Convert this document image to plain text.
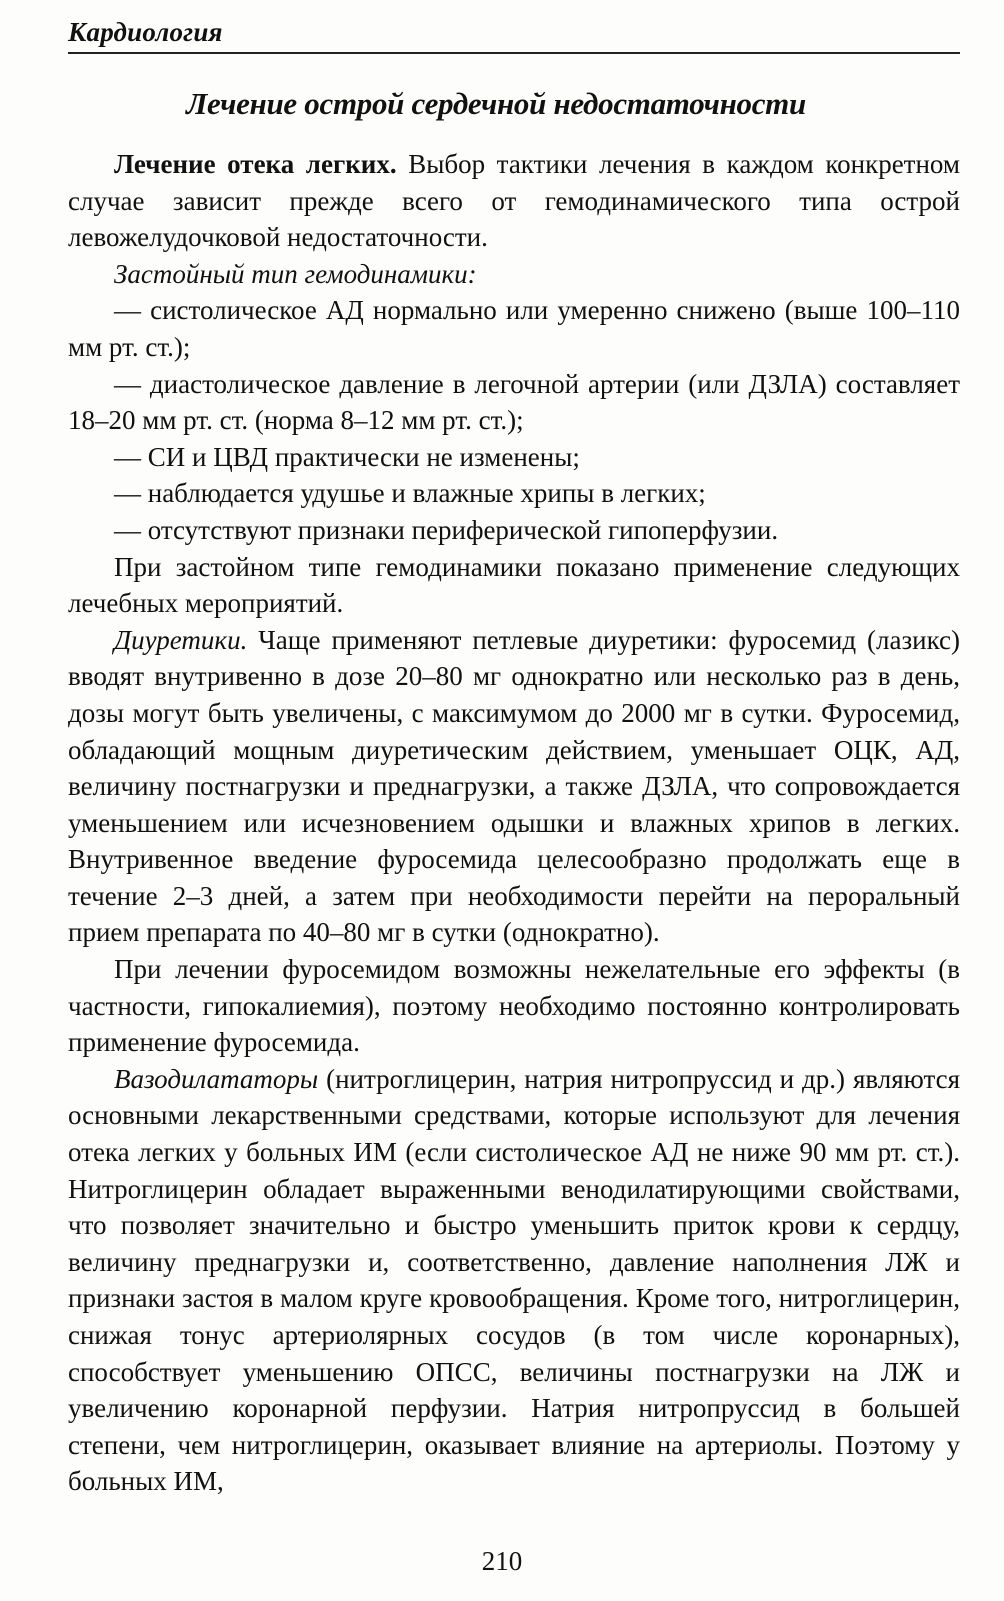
Кардиология
Лечение острой сердечной недостаточности

Лечение отека легких. Выбор тактики лечения в каждом конкретном случае зависит прежде всего от гемодинамического типа острой левожелудочковой недостаточности.

Застойный тип гемодинамики:

— систолическое АД нормально или умеренно снижено (выше 100–110 мм рт. ст.);

— диастолическое давление в легочной артерии (или ДЗЛА) составляет 18–20 мм рт. ст. (норма 8–12 мм рт. ст.);

— СИ и ЦВД практически не изменены;

— наблюдается удушье и влажные хрипы в легких;

— отсутствуют признаки периферической гипоперфузии.

При застойном типе гемодинамики показано применение следующих лечебных мероприятий.

Диуретики. Чаще применяют петлевые диуретики: фуросемид (лазикс) вводят внутривенно в дозе 20–80 мг однократно или несколько раз в день, дозы могут быть увеличены, с максимумом до 2000 мг в сутки. Фуросемид, обладающий мощным диуретическим действием, уменьшает ОЦК, АД, величину постнагрузки и преднагрузки, а также ДЗЛА, что сопровождается уменьшением или исчезновением одышки и влажных хрипов в легких. Внутривенное введение фуросемида целесообразно продолжать еще в течение 2–3 дней, а затем при необходимости перейти на пероральный прием препарата по 40–80 мг в сутки (однократно).

При лечении фуросемидом возможны нежелательные его эффекты (в частности, гипокалиемия), поэтому необходимо постоянно контролировать применение фуросемида.

Вазодилататоры (нитроглицерин, натрия нитропруссид и др.) являются основными лекарственными средствами, которые используют для лечения отека легких у больных ИМ (если систолическое АД не ниже 90 мм рт. ст.). Нитроглицерин обладает выраженными венодилатирующими свойствами, что позволяет значительно и быстро уменьшить приток крови к сердцу, величину преднагрузки и, соответственно, давление наполнения ЛЖ и признаки застоя в малом круге кровообращения. Кроме того, нитроглицерин, снижая тонус артериолярных сосудов (в том числе коронарных), способствует уменьшению ОПСС, величины постнагрузки на ЛЖ и увеличению коронарной перфузии. Натрия нитропруссид в большей степени, чем нитроглицерин, оказывает влияние на артериолы. Поэтому у больных ИМ,

210
